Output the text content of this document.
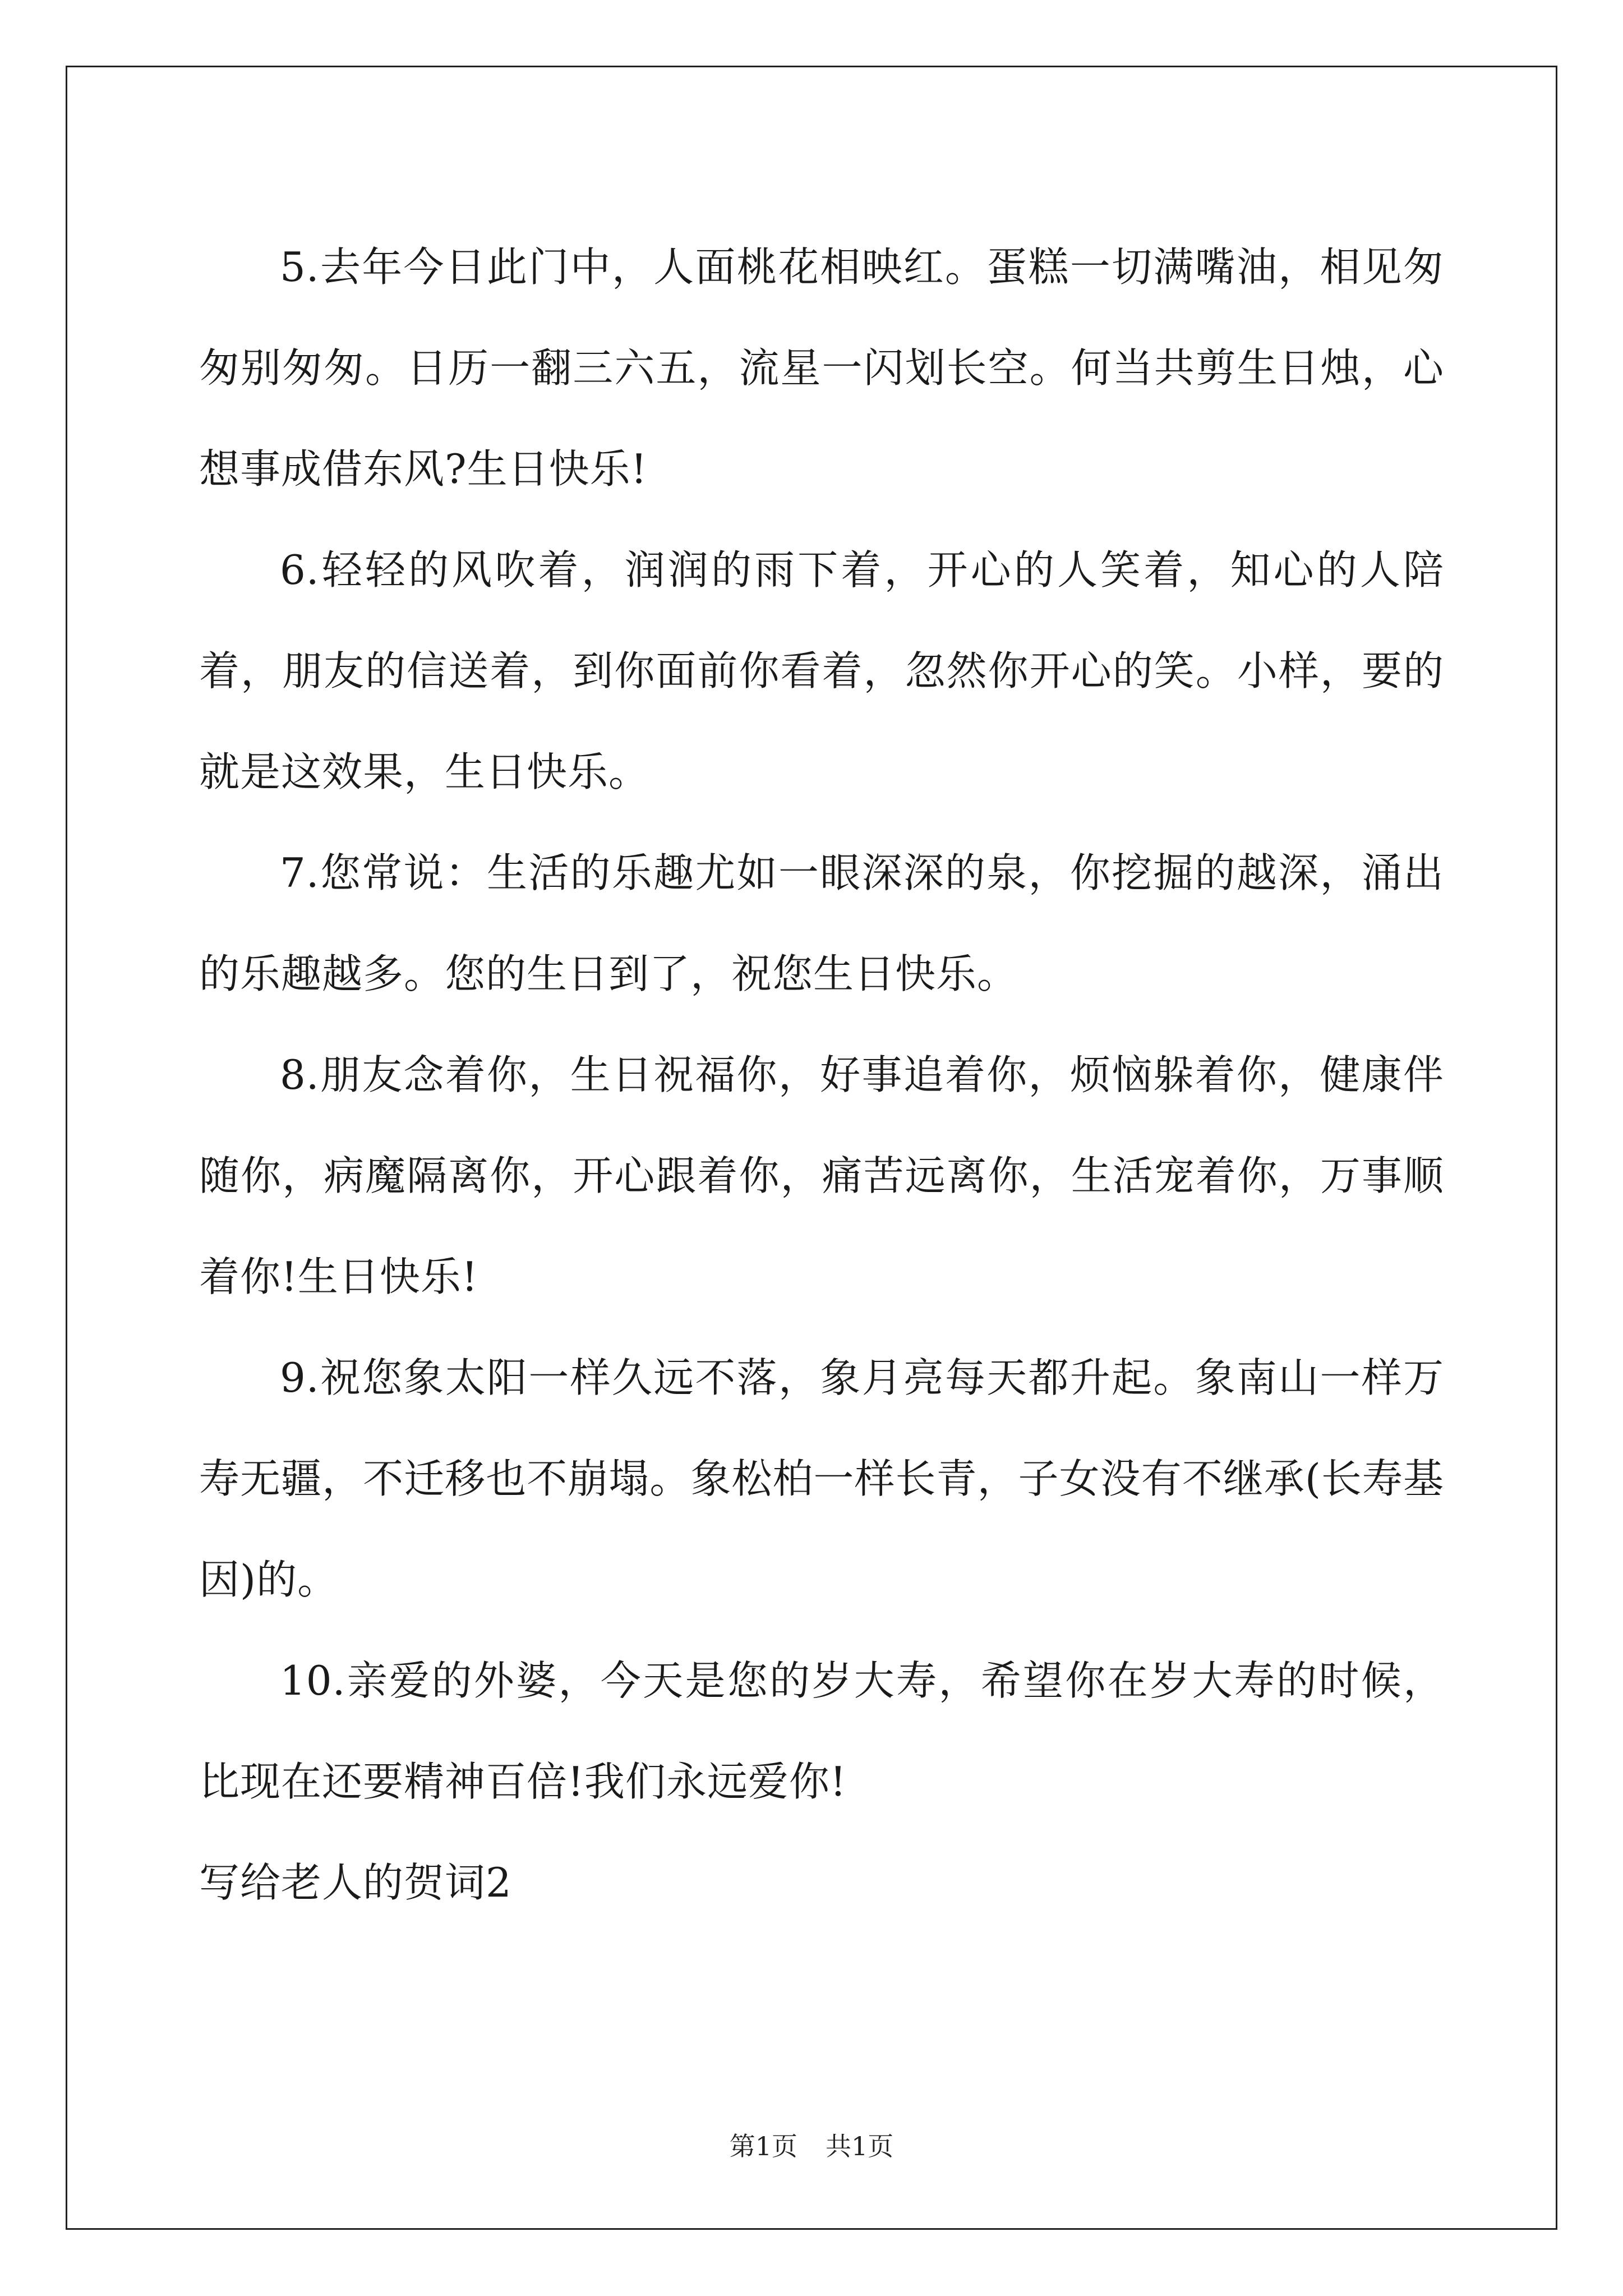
5.去年今日此门中，人面桃花相映红。蛋糕一切满嘴油，相见匆匆别匆匆。日历一翻三六五，流星一闪划长空。何当共剪生日烛，心想事成借东风?生日快乐!

6.轻轻的风吹着，润润的雨下着，开心的人笑着，知心的人陪着，朋友的信送着，到你面前你看着，忽然你开心的笑。小样，要的就是这效果，生日快乐。

7.您常说：生活的乐趣尤如一眼深深的泉，你挖掘的越深，涌出的乐趣越多。您的生日到了，祝您生日快乐。

8.朋友念着你，生日祝福你，好事追着你，烦恼躲着你，健康伴随你，病魔隔离你，开心跟着你，痛苦远离你，生活宠着你，万事顺着你!生日快乐!

9.祝您象太阳一样久远不落，象月亮每天都升起。象南山一样万寿无疆，不迁移也不崩塌。象松柏一样长青，子女没有不继承(长寿基因)的。

10.亲爱的外婆，今天是您的岁大寿，希望你在岁大寿的时候，比现在还要精神百倍!我们永远爱你!

写给老人的贺词2

第1页 共1页
